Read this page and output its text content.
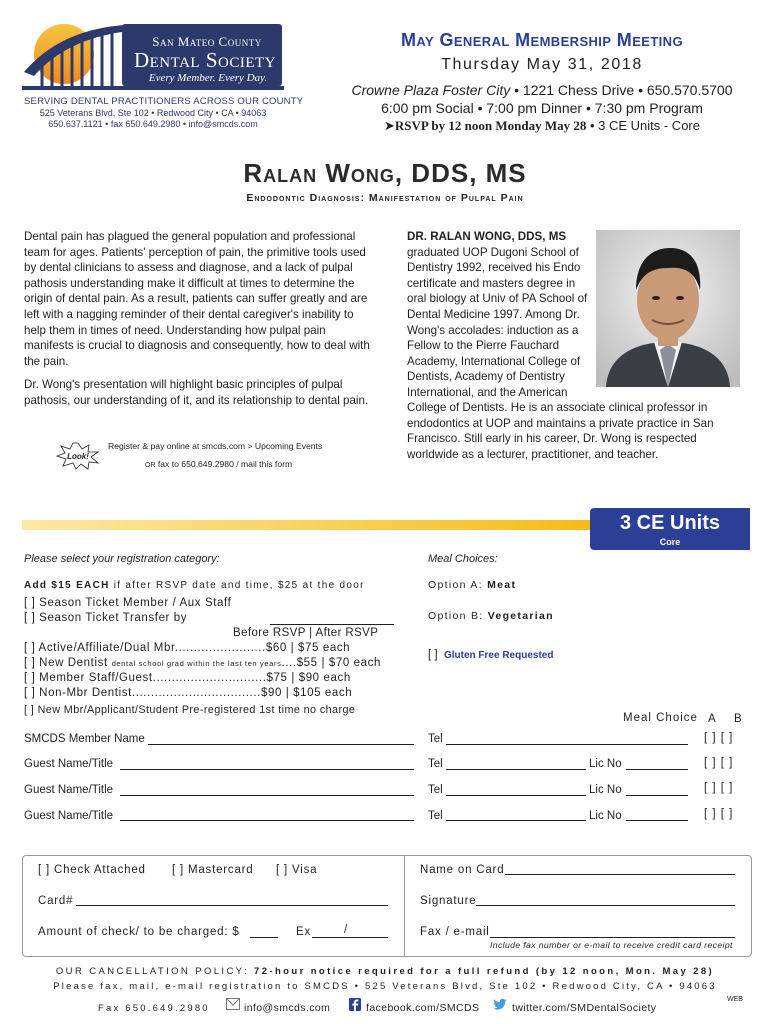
San Mateo County
Dental Society
Every Member. Every Day.
SERVING DENTAL PRACTITIONERS ACROSS OUR COUNTY
525 Veterans Blvd, Ste 102 • Redwood City • CA • 94063
650.637.1121 • fax 650.649.2980 • info@smcds.com
May General Membership Meeting
Thursday May 31, 2018
Crowne Plaza Foster City • 1221 Chess Drive • 650.570.5700
6:00 pm Social • 7:00 pm Dinner • 7:30 pm Program
➤RSVP by 12 noon Monday May 28 • 3 CE Units - Core
Ralan Wong, DDS, MS
Endodontic Diagnosis: Manifestation of Pulpal Pain
Dental pain has plagued the general population and professional team for ages. Patients' perception of pain, the primitive tools used by dental clinicians to assess and diagnose, and a lack of pulpal pathosis understanding make it difficult at times to determine the origin of dental pain. As a result, patients can suffer greatly and are left with a nagging reminder of their dental caregiver's inability to help them in times of need. Understanding how pulpal pain manifests is crucial to diagnosis and consequently, how to deal with the pain.
Dr. Wong's presentation will highlight basic principles of pulpal pathosis, our understanding of it, and its relationship to dental pain.
Look!
Register & pay online at smcds.com > Upcoming Events
OR fax to 650.649.2980 / mail this form
DR. RALAN WONG, DDS, MS
graduated UOP Dugoni School of
Dentistry 1992, received his Endo
certificate and masters degree in
oral biology at Univ of PA School of
Dental Medicine 1997. Among Dr.
Wong's accolades: induction as a
Fellow to the Pierre Fauchard
Academy, International College of
Dentists, Academy of Dentistry
International, and the American
College of Dentists. He is an associate clinical professor in endodontics at UOP and maintains a private practice in San Francisco. Still early in his career, Dr. Wong is respected worldwide as a lecturer, practitioner, and teacher.
3 CE Units
Core
Please select your registration category:
Add $15 EACH if after RSVP date and time, $25 at the door
[ ] Season Ticket Member / Aux Staff
[ ] Season Ticket Transfer by
Before RSVP | After RSVP
[ ] Active/Affiliate/Dual Mbr........................$60 | $75 each
[ ] New Dentist dental school grad within the last ten years....$55 | $70 each
[ ] Member Staff/Guest..............................$75 | $90 each
[ ] Non-Mbr Dentist..................................$90 | $105 each
[ ] New Mbr/Applicant/Student Pre-registered 1st time no charge
Meal Choices:
Option A: Meat
Option B: Vegetarian
[ ] Gluten Free Requested
Meal Choice A B
SMCDS Member Name	Tel	[ ] [ ]
Guest Name/Title	Tel	Lic No	[ ] [ ]
Guest Name/Title	Tel	Lic No	[ ] [ ]
Guest Name/Title	Tel	Lic No	[ ] [ ]
[ ] Check Attached [ ] Mastercard [ ] Visa
Card#
Amount of check/ to be charged: $	Ex	/
Name on Card
Signature
Fax / e-mail
Include fax number or e-mail to receive credit card receipt
OUR CANCELLATION POLICY: 72-hour notice required for a full refund (by 12 noon, Mon. May 28)
Please fax, mail, e-mail registration to SMCDS • 525 Veterans Blvd, Ste 102 • Redwood City, CA • 94063
Fax 650.649.2980	info@smcds.com	facebook.com/SMCDS	twitter.com/SMDentalSociety
WEB
